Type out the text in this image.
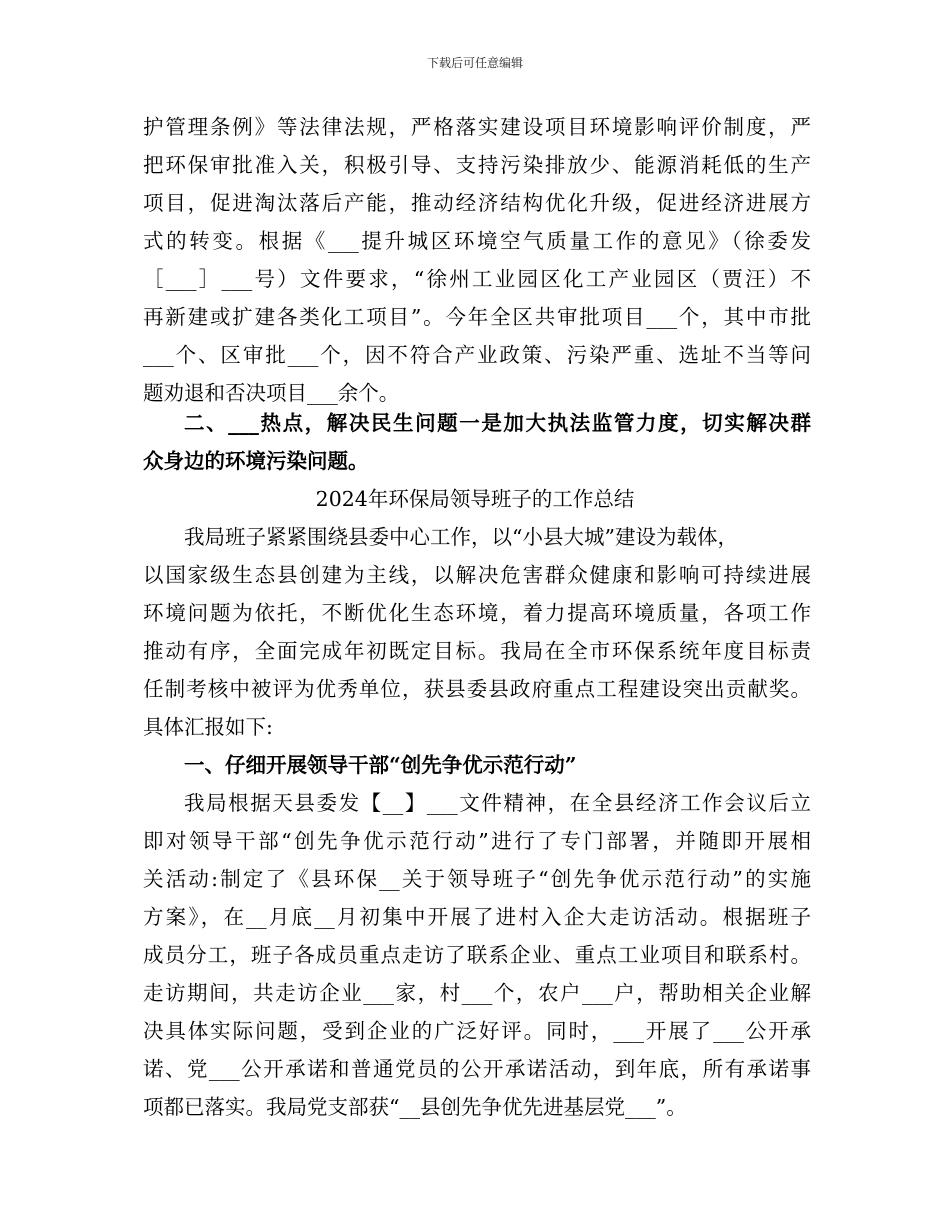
下载后可任意编辑
护管理条例》等法律法规，严格落实建设项目环境影响评价制度，严
把环保审批准入关，积极引导、支持污染排放少、能源消耗低的生产
项目，促进淘汰落后产能，推动经济结构优化升级，促进经济进展方
式的转变。根据《___提升城区环境空气质量工作的意见》（徐委发
［___］___号）文件要求，“徐州工业园区化工产业园区（贾汪）不
再新建或扩建各类化工项目”。今年全区共审批项目___个，其中市批
___个、区审批___个，因不符合产业政策、污染严重、选址不当等问
题劝退和否决项目___余个。
二、___热点，解决民生问题一是加大执法监管力度，切实解决群
众身边的环境污染问题。
2024年环保局领导班子的工作总结
我局班子紧紧围绕县委中心工作，以“小县大城”建设为载体，
以国家级生态县创建为主线，以解决危害群众健康和影响可持续进展
环境问题为依托，不断优化生态环境，着力提高环境质量，各项工作
推动有序，全面完成年初既定目标。我局在全市环保系统年度目标责
任制考核中被评为优秀单位，获县委县政府重点工程建设突出贡献奖。
具体汇报如下:
一、仔细开展领导干部“创先争优示范行动”
我局根据天县委发【__】___文件精神，在全县经济工作会议后立
即对领导干部“创先争优示范行动”进行了专门部署，并随即开展相
关活动:制定了《县环保__关于领导班子“创先争优示范行动”的实施
方案》，在__月底__月初集中开展了进村入企大走访活动。根据班子
成员分工，班子各成员重点走访了联系企业、重点工业项目和联系村。
走访期间，共走访企业___家，村___个，农户___户，帮助相关企业解
决具体实际问题，受到企业的广泛好评。同时，___开展了___公开承
诺、党___公开承诺和普通党员的公开承诺活动，到年底，所有承诺事
项都已落实。我局党支部获“__县创先争优先进基层党___”。
